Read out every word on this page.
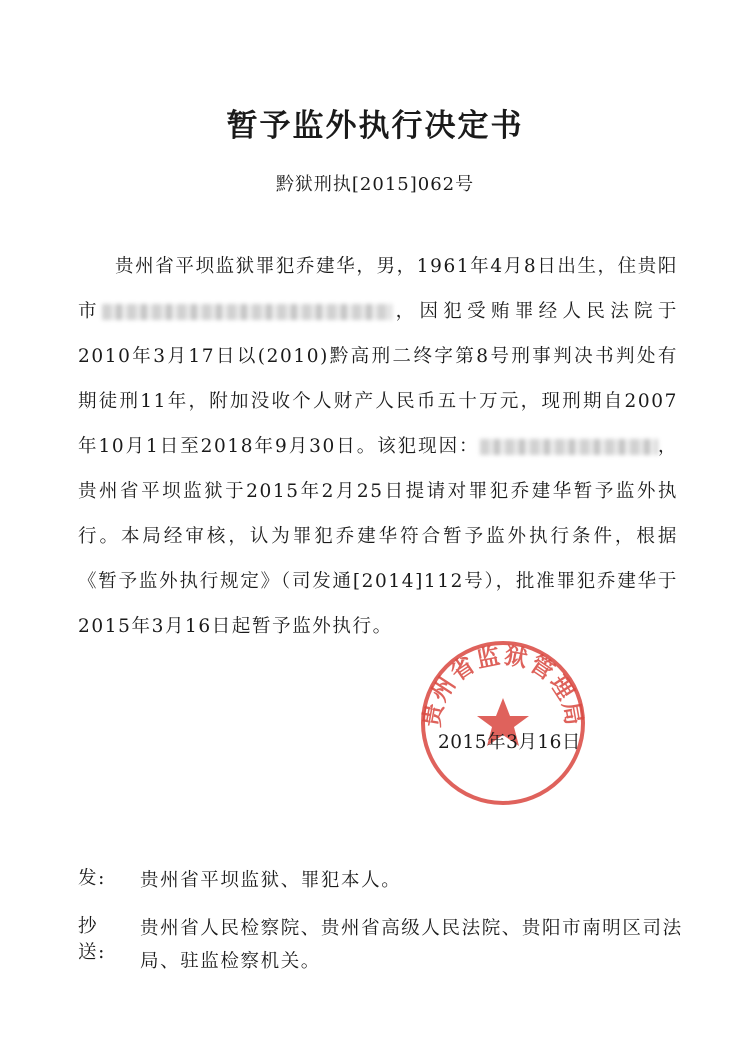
暂予监外执行决定书
黔狱刑执[2015]062号

贵州省平坝监狱罪犯乔建华，男，1961年4月8日出生，住贵阳市	，因犯受贿罪经人民法院于2010年3月17日以(2010)黔高刑二终字第8号刑事判决书判处有期徒刑11年，附加没收个人财产人民币五十万元，现刑期自2007年10月1日至2018年9月30日。该犯现因：	，贵州省平坝监狱于2015年2月25日提请对罪犯乔建华暂予监外执行。本局经审核，认为罪犯乔建华符合暂予监外执行条件，根据《暂予监外执行规定》（司发通[2014]112号），批准罪犯乔建华于2015年3月16日起暂予监外执行。

贵州省监狱管理局
2015年3月16日
发: 贵州省平坝监狱、罪犯本人。
抄送:
贵州省人民检察院、贵州省高级人民法院、贵阳市南明区司法局、驻监检察机关。
